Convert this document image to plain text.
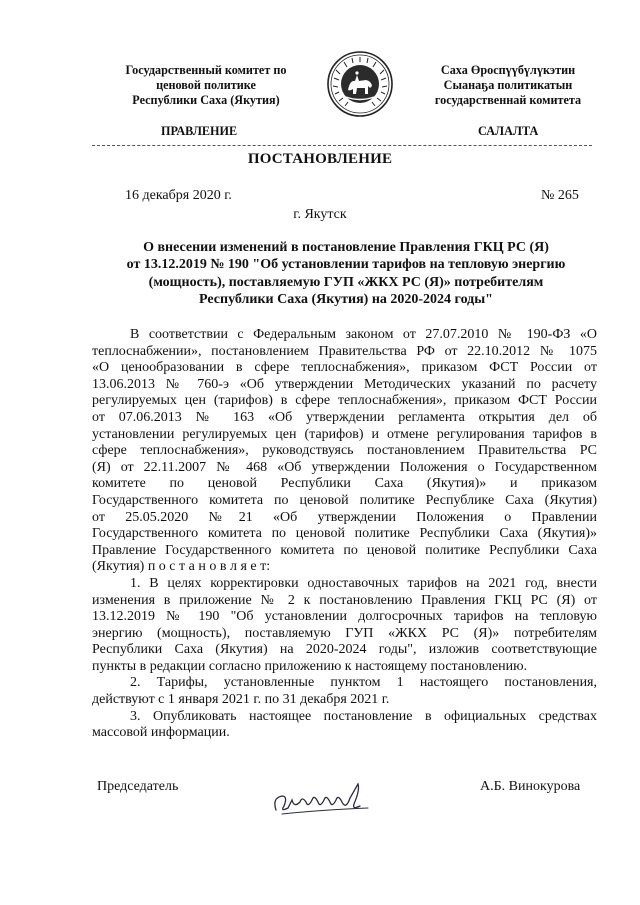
Государственный комитет по
ценовой политике
Республики Саха (Якутия)
Саха Өроспүүбүлүкэтин
Сыанаҕа политикатын
государственнай комитета
ПРАВЛЕНИЕ	САЛАЛТА
ПОСТАНОВЛЕНИЕ
16 декабря 2020 г.	№ 265
г. Якутск
О внесении изменений в постановление Правления ГКЦ РС (Я)
от 13.12.2019 № 190 "Об установлении тарифов на тепловую энергию
(мощность), поставляемую ГУП «ЖКХ РС (Я)» потребителям
Республики Саха (Якутия) на 2020-2024 годы"

В соответствии с Федеральным законом от 27.07.2010 № 190-ФЗ «О
теплоснабжении», постановлением Правительства РФ от 22.10.2012 № 1075
«О ценообразовании в сфере теплоснабжения», приказом ФСТ России от
13.06.2013 № 760-э «Об утверждении Методических указаний по расчету
регулируемых цен (тарифов) в сфере теплоснабжения», приказом ФСТ России
от 07.06.2013 № 163 «Об утверждении регламента открытия дел об
установлении регулируемых цен (тарифов) и отмене регулирования тарифов в
сфере теплоснабжения», руководствуясь постановлением Правительства РС
(Я) от 22.11.2007 № 468 «Об утверждении Положения о Государственном
комитете по ценовой Республики Саха (Якутия)» и приказом
Государственного комитета по ценовой политике Республике Саха (Якутия)
от 25.05.2020 №21 «Об утверждении Положения о Правлении
Государственного комитета по ценовой политике Республики Саха (Якутия)»
Правление Государственного комитета по ценовой политике Республики Саха
(Якутия) п о с т а н о в л я е т:

1. В целях корректировки одноставочных тарифов на 2021 год, внести
изменения в приложение № 2 к постановлению Правления ГКЦ РС (Я) от
13.12.2019 № 190 "Об установлении долгосрочных тарифов на тепловую
энергию (мощность), поставляемую ГУП «ЖКХ РС (Я)» потребителям
Республики Саха (Якутия) на 2020-2024 годы", изложив соответствующие
пункты в редакции согласно приложению к настоящему постановлению.

2. Тарифы, установленные пунктом 1 настоящего постановления,
действуют с 1 января 2021 г. по 31 декабря 2021 г.

3. Опубликовать настоящее постановление в официальных средствах
массовой информации.

Председатель	А.Б. Винокурова
